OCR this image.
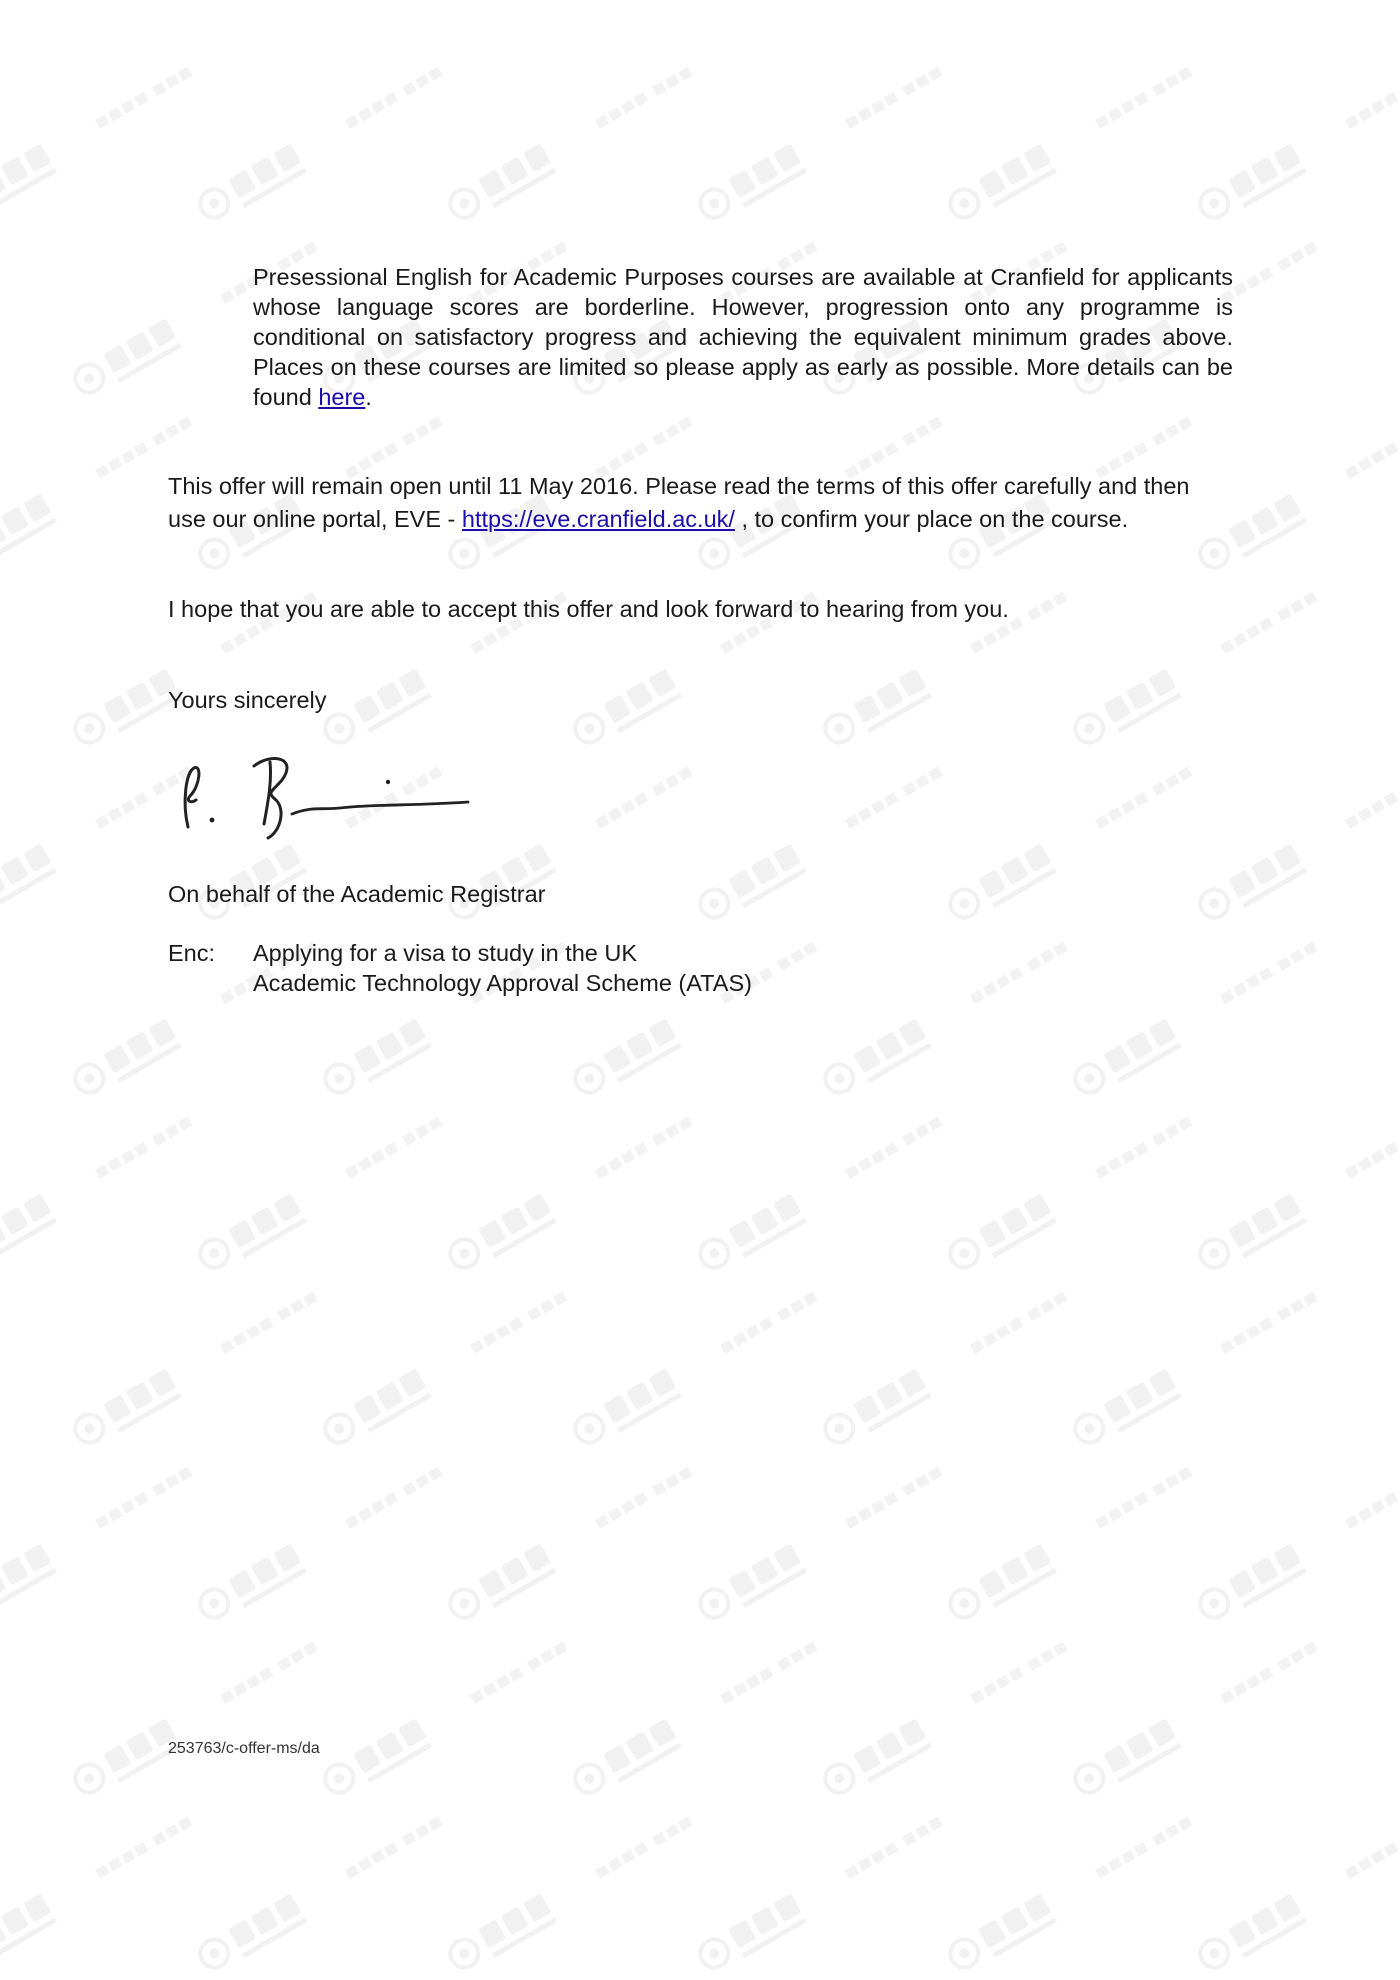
Presessional English for Academic Purposes courses are available at Cranfield for applicants whose language scores are borderline. However, progression onto any programme is conditional on satisfactory progress and achieving the equivalent minimum grades above. Places on these courses are limited so please apply as early as possible. More details can be found here.

This offer will remain open until 11 May 2016. Please read the terms of this offer carefully and then use our online portal, EVE - https://eve.cranfield.ac.uk/ , to confirm your place on the course.

I hope that you are able to accept this offer and look forward to hearing from you.

Yours sincerely

On behalf of the Academic Registrar

Enc:	Applying for a visa to study in the UK
Academic Technology Approval Scheme (ATAS)
253763/c-offer-ms/da
